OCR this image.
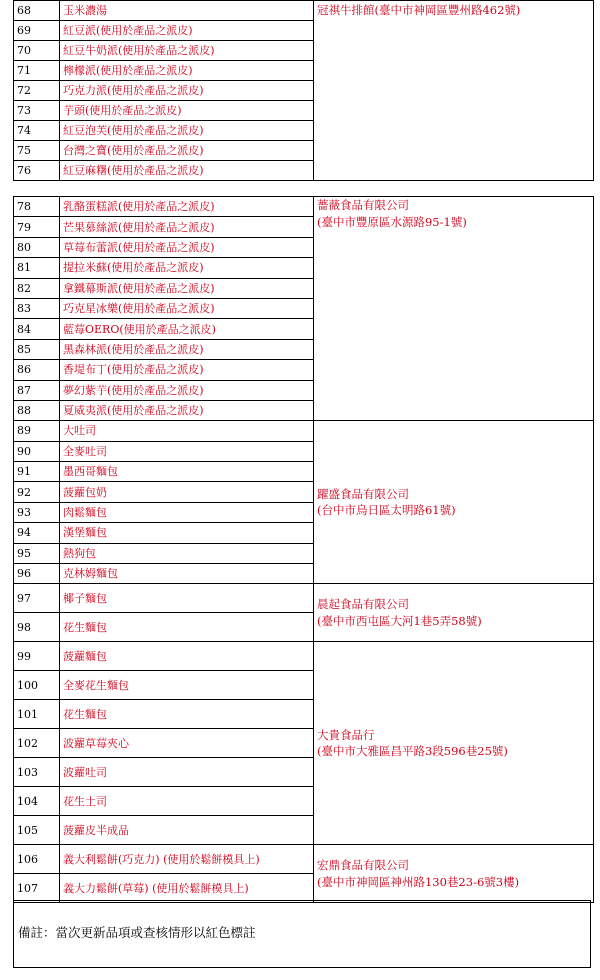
68	玉米濃湯	冠祺牛排館(臺中市神岡區豐州路462號)
69	紅豆派(使用於產品之派皮)	
70	紅豆牛奶派(使用於產品之派皮)	
71	檸檬派(使用於產品之派皮)	
72	巧克力派(使用於產品之派皮)	
73	芋頭(使用於產品之派皮)	
74	紅豆泡芙(使用於產品之派皮)	
75	台灣之寶(使用於產品之派皮)	
76	紅豆麻糬(使用於產品之派皮)	
78	乳酪蛋糕派(使用於產品之派皮)	薔薇食品有限公司
(臺中市豐原區水源路95-1號)

79	芒果慕絲派(使用於產品之派皮)	
80	草莓布蕾派(使用於產品之派皮)	
81	提拉米蘇(使用於產品之派皮)	
82	拿鐵幕斯派(使用於產品之派皮)	
83	巧克星冰樂(使用於產品之派皮)	
84	藍莓OERO(使用於產品之派皮)	
85	黑森林派(使用於產品之派皮)	
86	香堤布丁(使用於產品之派皮)	
87	夢幻紫芋(使用於產品之派皮)	
88	夏威夷派(使用於產品之派皮)	
89	大吐司	躍盛食品有限公司
(台中市烏日區太明路61號)

90	全麥吐司	
91	墨西哥麵包	
92	菠蘿包奶	
93	肉鬆麵包	
94	漢堡麵包	
95	熱狗包	
96	克林姆麵包	
97	椰子麵包	晨起食品有限公司
(臺中市西屯區大河1巷5弄58號)

98	花生麵包	
99	菠蘿麵包	大貴食品行
(臺中市大雅區昌平路3段596巷25號)

100	全麥花生麵包	
101	花生麵包	
102	波蘿草莓夾心	
103	波蘿吐司	
104	花生土司	
105	菠蘿皮半成品	
106	義大利鬆餅(巧克力) (使用於鬆餅模具上)	宏鼎食品有限公司
(臺中市神岡區神州路130巷23-6號3樓)

107	義大力鬆餅(草莓) (使用於鬆餅模具上)	
備註：當次更新品項或查核情形以紅色標註
